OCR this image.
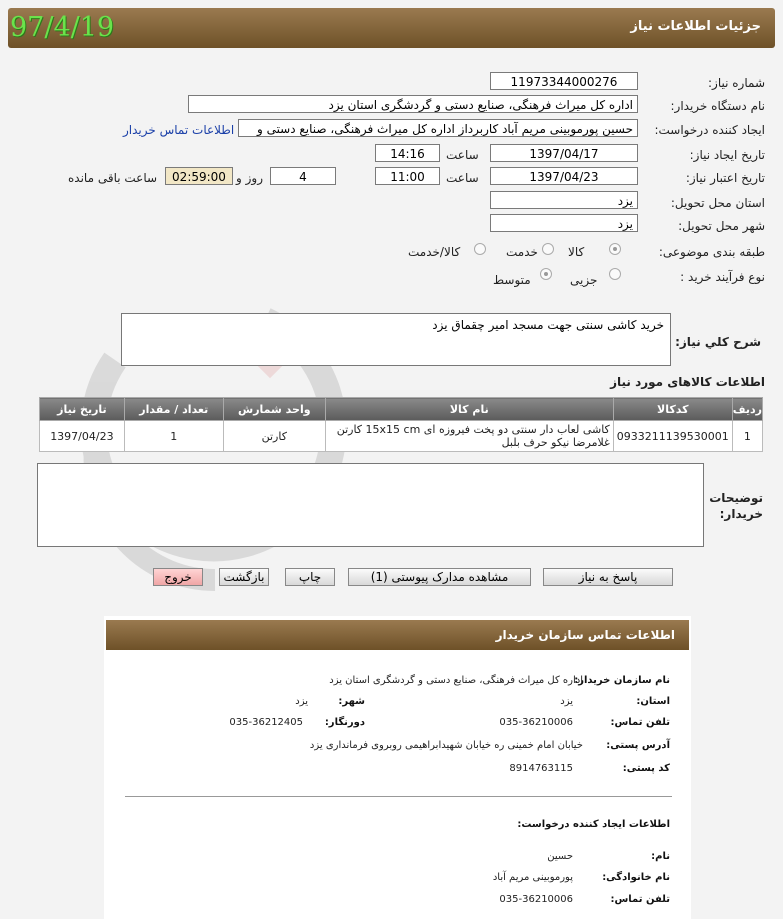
جزئیات اطلاعات نیاز
97/4/19
شماره نیاز:
11973344000276
نام دستگاه خریدار:
اداره کل میراث فرهنگی، صنایع دستی و گردشگری استان یزد
ایجاد کننده درخواست:
حسین پورموبینی مریم آباد کاربرداز اداره کل میراث فرهنگی، صنایع دستی و
اطلاعات تماس خریدار
تاریخ ایجاد نیاز:
1397/04/17
ساعت
14:16
تاریخ اعتبار نیاز:
1397/04/23
ساعت
11:00
4
روز و
02:59:00
ساعت باقی مانده
استان محل تحویل:
یزد
شهر محل تحویل:
یزد
طبقه بندی موضوعی:
کالا
خدمت
کالا/خدمت
نوع فرآیند خرید :
جزیی
متوسط
شرح كلي نياز:
خرید کاشی سنتی جهت مسجد امیر چقماق یزد
اطلاعات کالاهای مورد نیاز
ردیف	کدکالا	نام کالا	واحد شمارش	تعداد / مقدار	تاریخ نیاز
1	0933211139530001	کاشی لعاب دار سنتی دو پخت فیروزه ای 15x15 cm کارتن
غلامرضا نیکو حرف بلبل	کارتن	1	1397/04/23
توضیحات خریدار:
پاسخ به نیاز
مشاهده مدارک پیوستی (1)
چاپ
بازگشت
خروج
اطلاعات تماس سازمان خریدار
نام سازمان خریدار:
اداره کل میراث فرهنگی، صنایع دستی و گردشگری استان یزد
استان:
یزد
شهر:
یزد
تلفن تماس:
035-36210006
دورنگار:
035-36212405
آدرس پستی:
خیابان امام خمینی ره خیابان شهیدابراهیمی روبروی فرمانداری یزد
کد پستی:
8914763115
اطلاعات ایجاد کننده درخواست:
نام:
حسین
نام خانوادگی:
پورموبینی مریم آباد
تلفن تماس:
035-36210006
